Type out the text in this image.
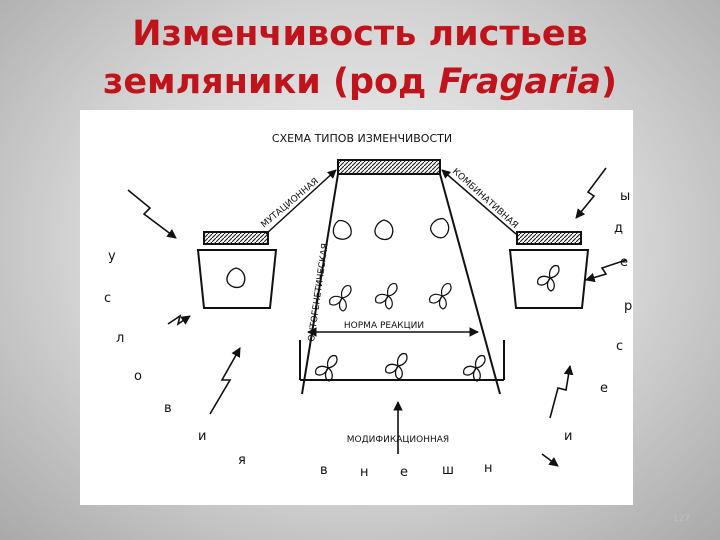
Изменчивость листьев
земляники (род Fragaria)
СХЕМА ТИПОВ ИЗМЕНЧИВОСТИ
ОНТОГЕНЕТИЧЕСКАЯ НОРМА РЕАКЦИИ
МОДИФИКАЦИОННАЯ
МУТАЦИОННАЯ	КОМБИНАТИВНАЯ
у
с
л
о
в
и
я
в н е	ш н
и
е
с
р
е
д
ы
127
